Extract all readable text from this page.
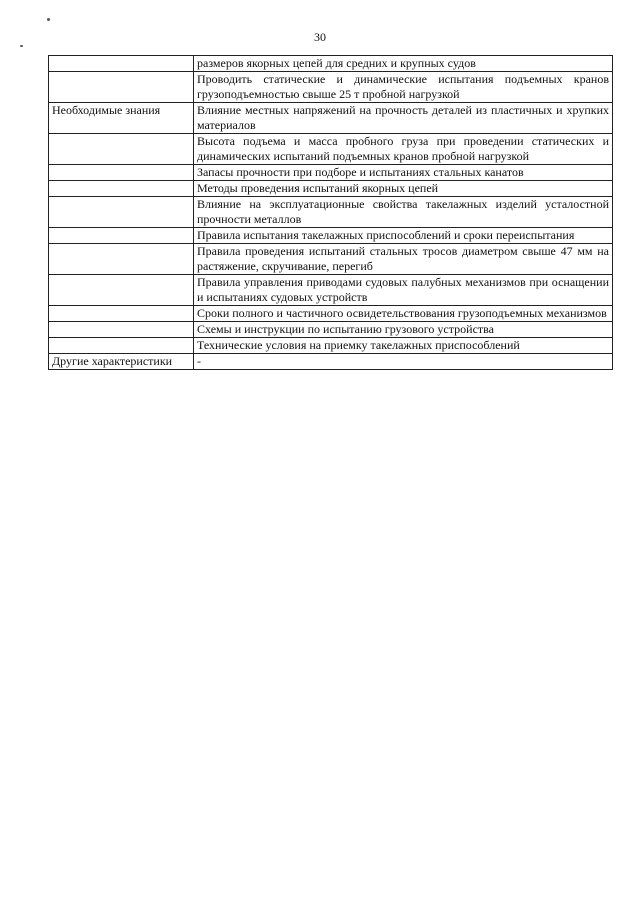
30
	размеров якорных цепей для средних и крупных судов
	Проводить статические и динамические испытания подъемных кранов грузоподъемностью свыше 25 т пробной нагрузкой
Необходимые знания	Влияние местных напряжений на прочность деталей из пластичных и хрупких материалов
	Высота подъема и масса пробного груза при проведении статических и динамических испытаний подъемных кранов пробной нагрузкой
	Запасы прочности при подборе и испытаниях стальных канатов
	Методы проведения испытаний якорных цепей
	Влияние на эксплуатационные свойства такелажных изделий усталостной прочности металлов
	Правила испытания такелажных приспособлений и сроки переиспытания
	Правила проведения испытаний стальных тросов диаметром свыше 47 мм на растяжение, скручивание, перегиб
	Правила управления приводами судовых палубных механизмов при оснащении и испытаниях судовых устройств
	Сроки полного и частичного освидетельствования грузоподъемных механизмов
	Схемы и инструкции по испытанию грузового устройства
	Технические условия на приемку такелажных приспособлений
Другие характеристики	-
